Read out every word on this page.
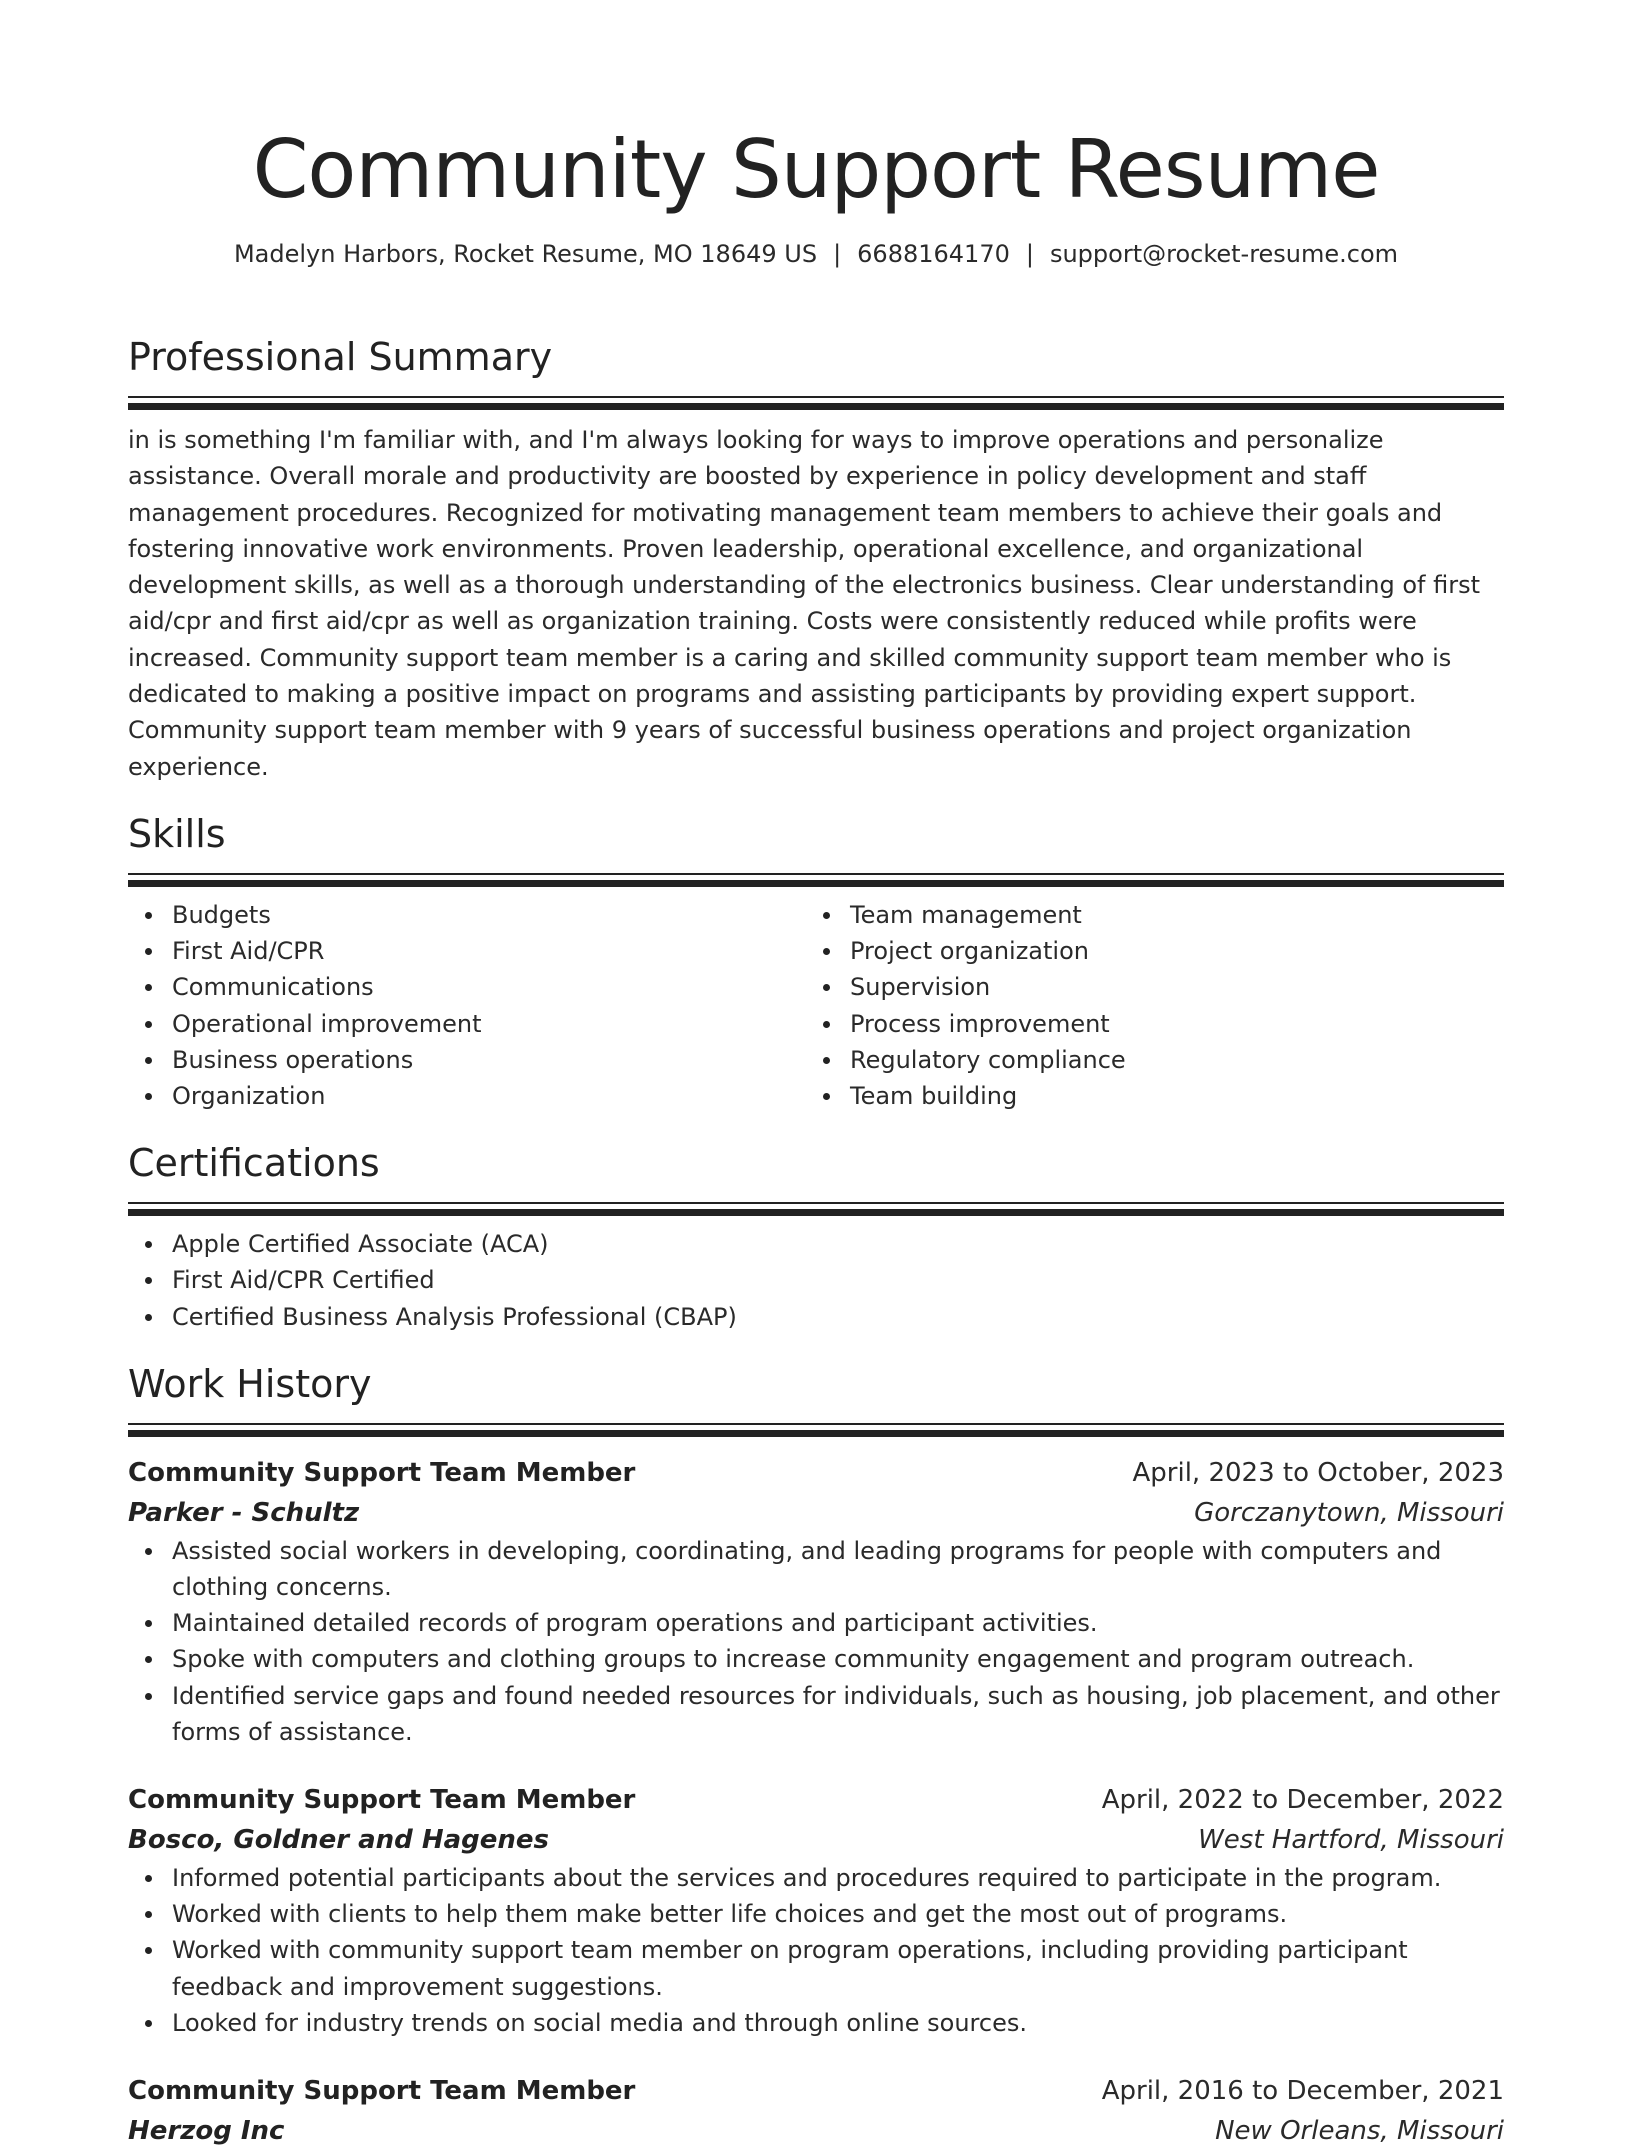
Community Support Resume
Madelyn Harbors, Rocket Resume, MO 18649 US | 6688164170 | support@rocket-resume.com
Professional Summary

in is something I'm familiar with, and I'm always looking for ways to improve operations and personalize assistance. Overall morale and productivity are boosted by experience in policy development and staff management procedures. Recognized for motivating management team members to achieve their goals and fostering innovative work environments. Proven leadership, operational excellence, and organizational development skills, as well as a thorough understanding of the electronics business. Clear understanding of first aid/cpr and first aid/cpr as well as organization training. Costs were consistently reduced while profits were increased. Community support team member is a caring and skilled community support team member who is dedicated to making a positive impact on programs and assisting participants by providing expert support. Community support team member with 9 years of successful business operations and project organization experience.

Skills
Budgets
First Aid/CPR
Communications
Operational improvement
Business operations
Organization
Team management
Project organization
Supervision
Process improvement
Regulatory compliance
Team building
Certifications
Apple Certified Associate (ACA)
First Aid/CPR Certified
Certified Business Analysis Professional (CBAP)
Work History
Community Support Team Member	April, 2023 to October, 2023
Parker - Schultz	Gorczanytown, Missouri
Assisted social workers in developing, coordinating, and leading programs for people with computers and clothing concerns.
Maintained detailed records of program operations and participant activities.
Spoke with computers and clothing groups to increase community engagement and program outreach.
Identified service gaps and found needed resources for individuals, such as housing, job placement, and other forms of assistance.
Community Support Team Member	April, 2022 to December, 2022
Bosco, Goldner and Hagenes	West Hartford, Missouri
Informed potential participants about the services and procedures required to participate in the program.
Worked with clients to help them make better life choices and get the most out of programs.
Worked with community support team member on program operations, including providing participant feedback and improvement suggestions.
Looked for industry trends on social media and through online sources.
Community Support Team Member	April, 2016 to December, 2021
Herzog Inc	New Orleans, Missouri
